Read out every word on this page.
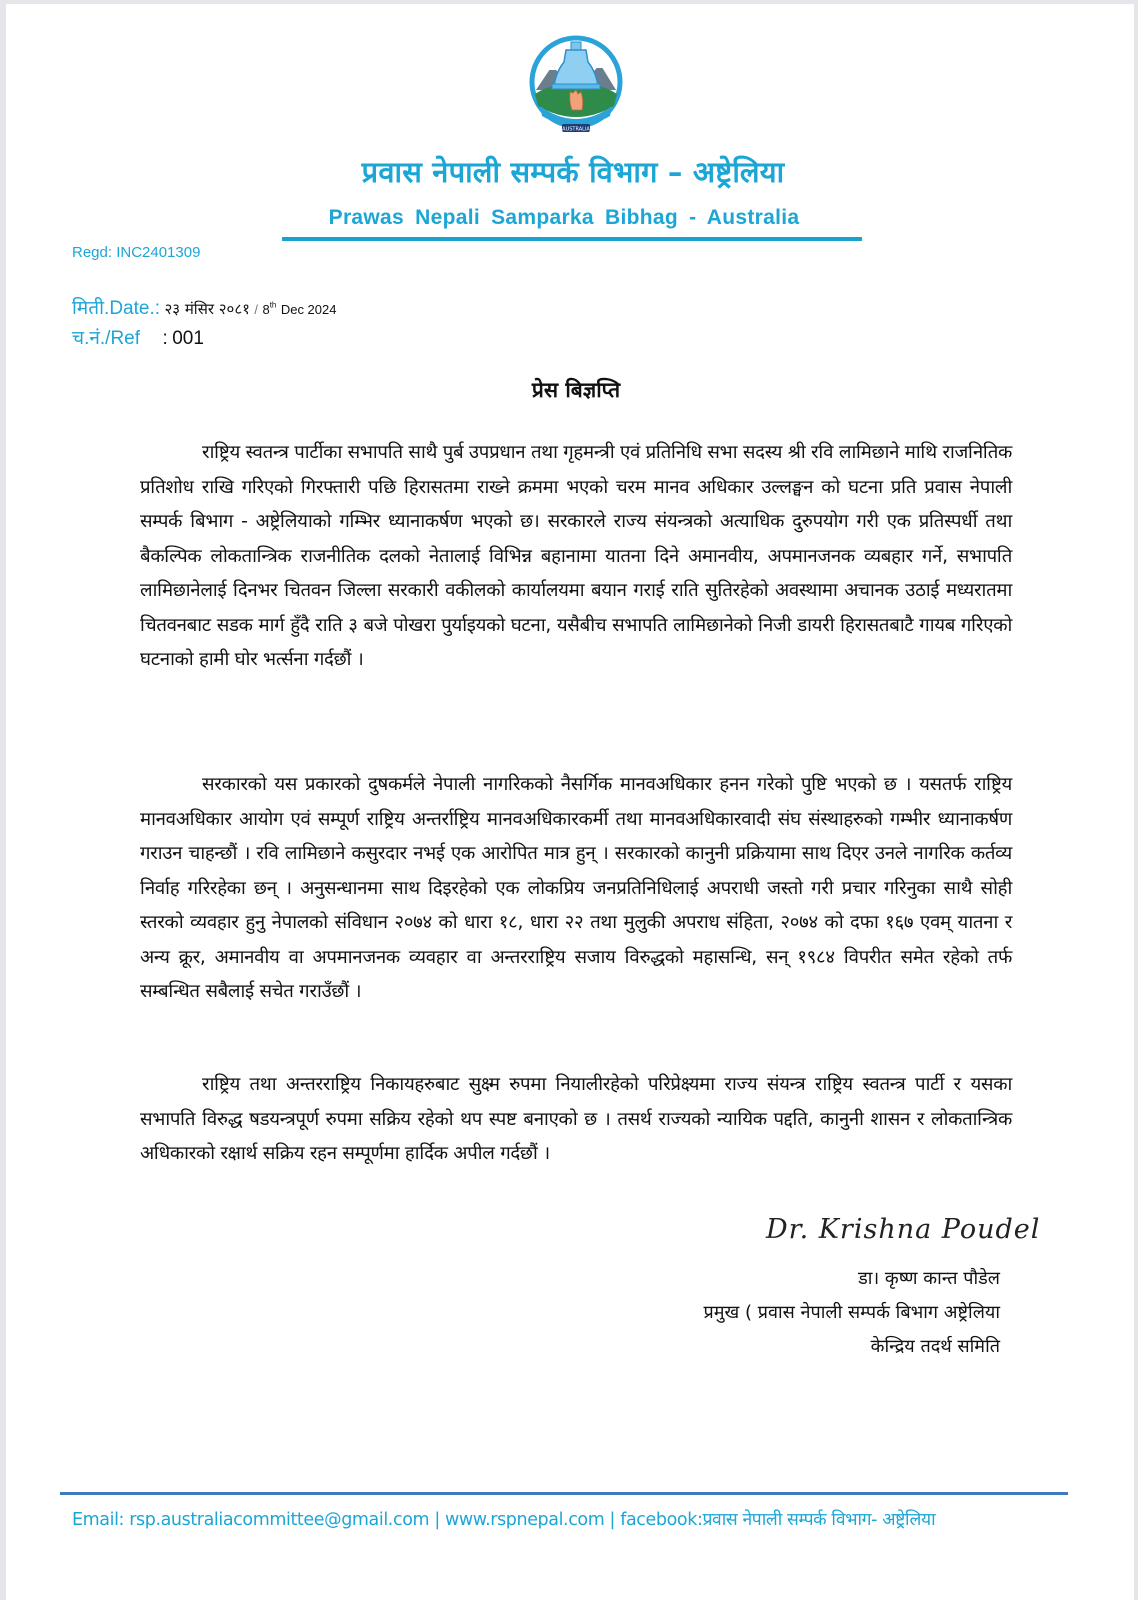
AUSTRALIA
प्रवास नेपाली सम्पर्क विभाग – अष्ट्रेलिया
Prawas Nepali Samparka Bibhag - Australia
Regd: INC2401309
मिती.Date.: २३ मंसिर २०८१ / 8th Dec 2024
च.नं./Ref : 001
प्रेस बिज्ञप्ति

राष्ट्रिय स्वतन्त्र पार्टीका सभापति साथै पुर्ब उपप्रधान तथा गृहमन्त्री एवं प्रतिनिधि सभा सदस्य श्री रवि लामिछाने माथि राजनितिक प्रतिशोध राखि गरिएको गिरफ्तारी पछि हिरासतमा राख्ने क्रममा भएको चरम मानव अधिकार उल्लङ्घन को घटना प्रति प्रवास नेपाली सम्पर्क बिभाग - अष्ट्रेलियाको गम्भिर ध्यानाकर्षण भएको छ। सरकारले राज्य संयन्त्रको अत्याधिक दुरुपयोग गरी एक प्रतिस्पर्धी तथा बैकल्पिक लोकतान्त्रिक राजनीतिक दलको नेतालाई विभिन्न बहानामा यातना दिने अमानवीय, अपमानजनक व्यबहार गर्ने, सभापति लामिछानेलाई दिनभर चितवन जिल्ला सरकारी वकीलको कार्यालयमा बयान गराई राति सुतिरहेको अवस्थामा अचानक उठाई मध्यरातमा चितवनबाट सडक मार्ग हुँदै राति ३ बजे पोखरा पुर्याइयको घटना, यसैबीच सभापति लामिछानेको निजी डायरी हिरासतबाटै गायब गरिएको घटनाको हामी घोर भर्त्सना गर्दछौं ।

सरकारको यस प्रकारको दुषकर्मले नेपाली नागरिकको नैसर्गिक मानवअधिकार हनन गरेको पुष्टि भएको छ । यसतर्फ राष्ट्रिय मानवअधिकार आयोग एवं सम्पूर्ण राष्ट्रिय अन्तर्राष्ट्रिय मानवअधिकारकर्मी तथा मानवअधिकारवादी संघ संस्थाहरुको गम्भीर ध्यानाकर्षण गराउन चाहन्छौं । रवि लामिछाने कसुरदार नभई एक आरोपित मात्र हुन् । सरकारको कानुनी प्रक्रियामा साथ दिएर उनले नागरिक कर्तव्य निर्वाह गरिरहेका छन् । अनुसन्धानमा साथ दिइरहेको एक लोकप्रिय जनप्रतिनिधिलाई अपराधी जस्तो गरी प्रचार गरिनुका साथै सोही स्तरको व्यवहार हुनु नेपालको संविधान २०७४ को धारा १८, धारा २२ तथा मुलुकी अपराध संहिता, २०७४ को दफा १६७ एवम् यातना र अन्य क्रूर, अमानवीय वा अपमानजनक व्यवहार वा अन्तरराष्ट्रिय सजाय विरुद्धको महासन्धि, सन् १९८४ विपरीत समेत रहेको तर्फ सम्बन्धित सबैलाई सचेत गराउँछौं ।

राष्ट्रिय तथा अन्तरराष्ट्रिय निकायहरुबाट सुक्ष्म रुपमा नियालीरहेको परिप्रेक्ष्यमा राज्य संयन्त्र राष्ट्रिय स्वतन्त्र पार्टी र यसका सभापति विरुद्ध षडयन्त्रपूर्ण रुपमा सक्रिय रहेको थप स्पष्ट बनाएको छ । तसर्थ राज्यको न्यायिक पद्दति, कानुनी शासन र लोकतान्त्रिक अधिकारको रक्षार्थ सक्रिय रहन सम्पूर्णमा हार्दिक अपील गर्दछौं ।

Dr. Krishna Poudel
डा। कृष्ण कान्त पौडेल
प्रमुख ( प्रवास नेपाली सम्पर्क बिभाग अष्ट्रेलिया
केन्द्रिय तदर्थ समिति
Email: rsp.australiacommittee@gmail.com | www.rspnepal.com | facebook:प्रवास नेपाली सम्पर्क विभाग- अष्ट्रेलिया
